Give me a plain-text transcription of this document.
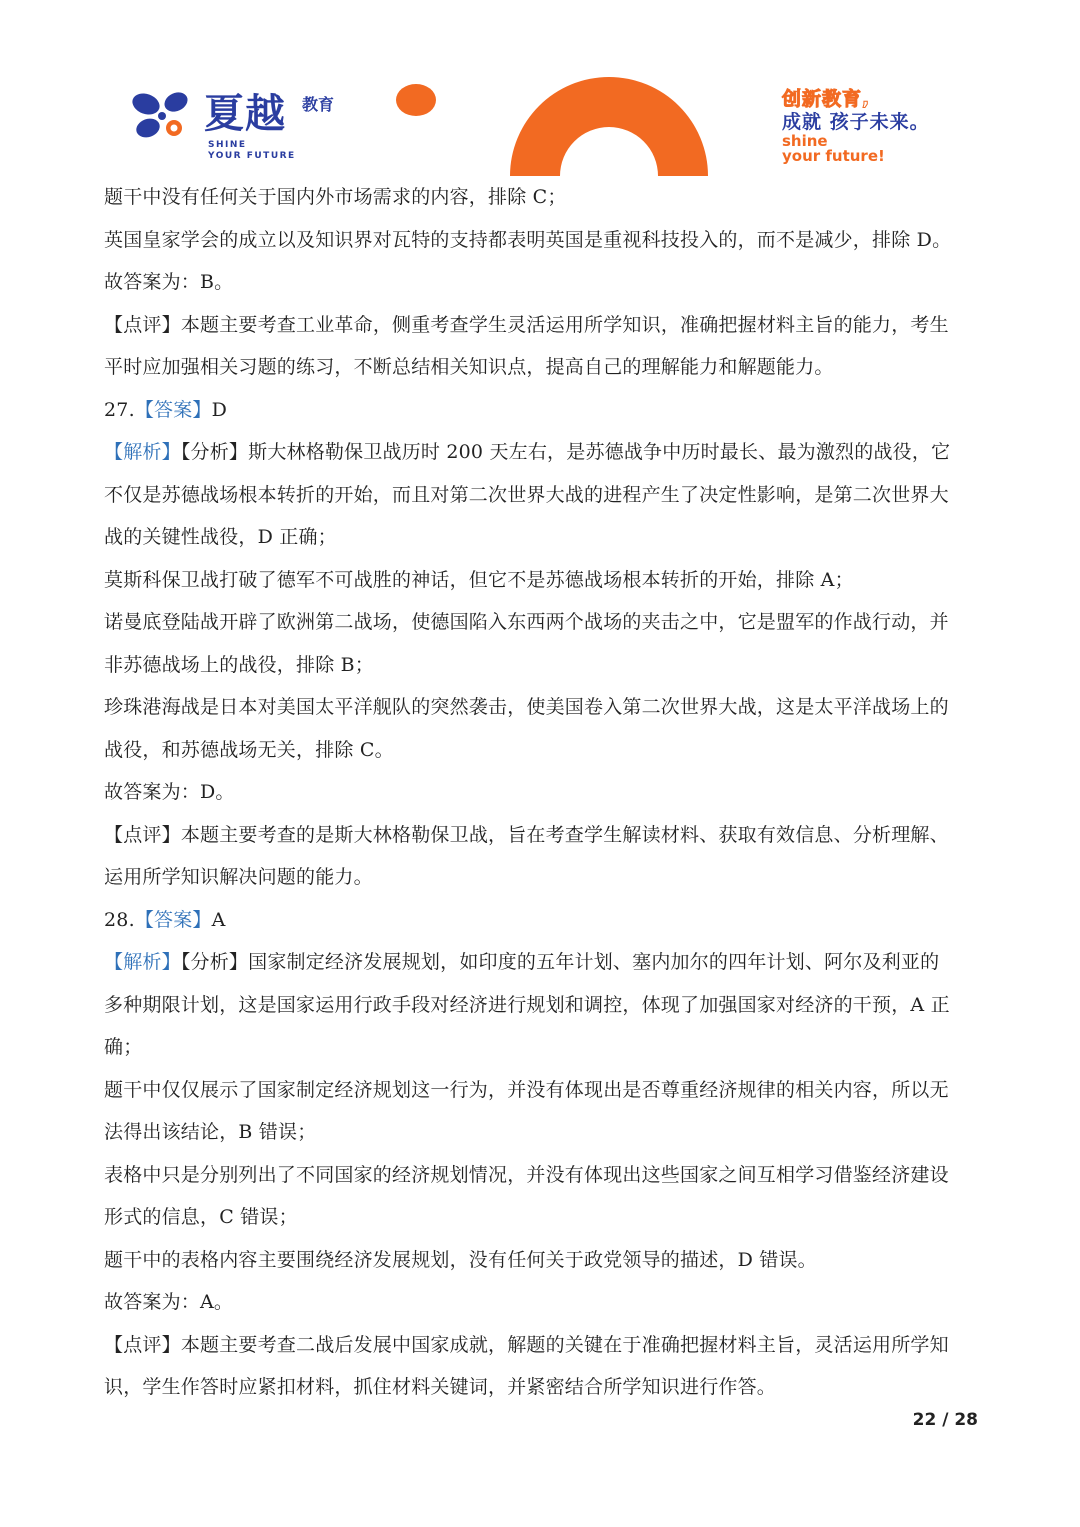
夏越 教育
SHINE
YOUR FUTURE
创新教育,
成就 孩子未来。
shine
your future!
题干中没有任何关于国内外市场需求的内容，排除 C；
英国皇家学会的成立以及知识界对瓦特的支持都表明英国是重视科技投入的，而不是减少，排除 D。
故答案为：B。
【点评】本题主要考查工业革命，侧重考查学生灵活运用所学知识，准确把握材料主旨的能力，考生
平时应加强相关习题的练习，不断总结相关知识点，提高自己的理解能力和解题能力。
27.【答案】D
【解析】【分析】斯大林格勒保卫战历时 200 天左右，是苏德战争中历时最长、最为激烈的战役，它
不仅是苏德战场根本转折的开始，而且对第二次世界大战的进程产生了决定性影响，是第二次世界大
战的关键性战役，D 正确；
莫斯科保卫战打破了德军不可战胜的神话，但它不是苏德战场根本转折的开始，排除 A；
诺曼底登陆战开辟了欧洲第二战场，使德国陷入东西两个战场的夹击之中，它是盟军的作战行动，并
非苏德战场上的战役，排除 B；
珍珠港海战是日本对美国太平洋舰队的突然袭击，使美国卷入第二次世界大战，这是太平洋战场上的
战役，和苏德战场无关，排除 C。
故答案为：D。
【点评】本题主要考查的是斯大林格勒保卫战，旨在考查学生解读材料、获取有效信息、分析理解、
运用所学知识解决问题的能力。
28.【答案】A
【解析】【分析】国家制定经济发展规划，如印度的五年计划、塞内加尔的四年计划、阿尔及利亚的
多种期限计划，这是国家运用行政手段对经济进行规划和调控，体现了加强国家对经济的干预，A 正
确；
题干中仅仅展示了国家制定经济规划这一行为，并没有体现出是否尊重经济规律的相关内容，所以无
法得出该结论，B 错误；
表格中只是分别列出了不同国家的经济规划情况，并没有体现出这些国家之间互相学习借鉴经济建设
形式的信息，C 错误；
题干中的表格内容主要围绕经济发展规划，没有任何关于政党领导的描述，D 错误。
故答案为：A。
【点评】本题主要考查二战后发展中国家成就，解题的关键在于准确把握材料主旨，灵活运用所学知
识，学生作答时应紧扣材料，抓住材料关键词，并紧密结合所学知识进行作答。
22 / 28
